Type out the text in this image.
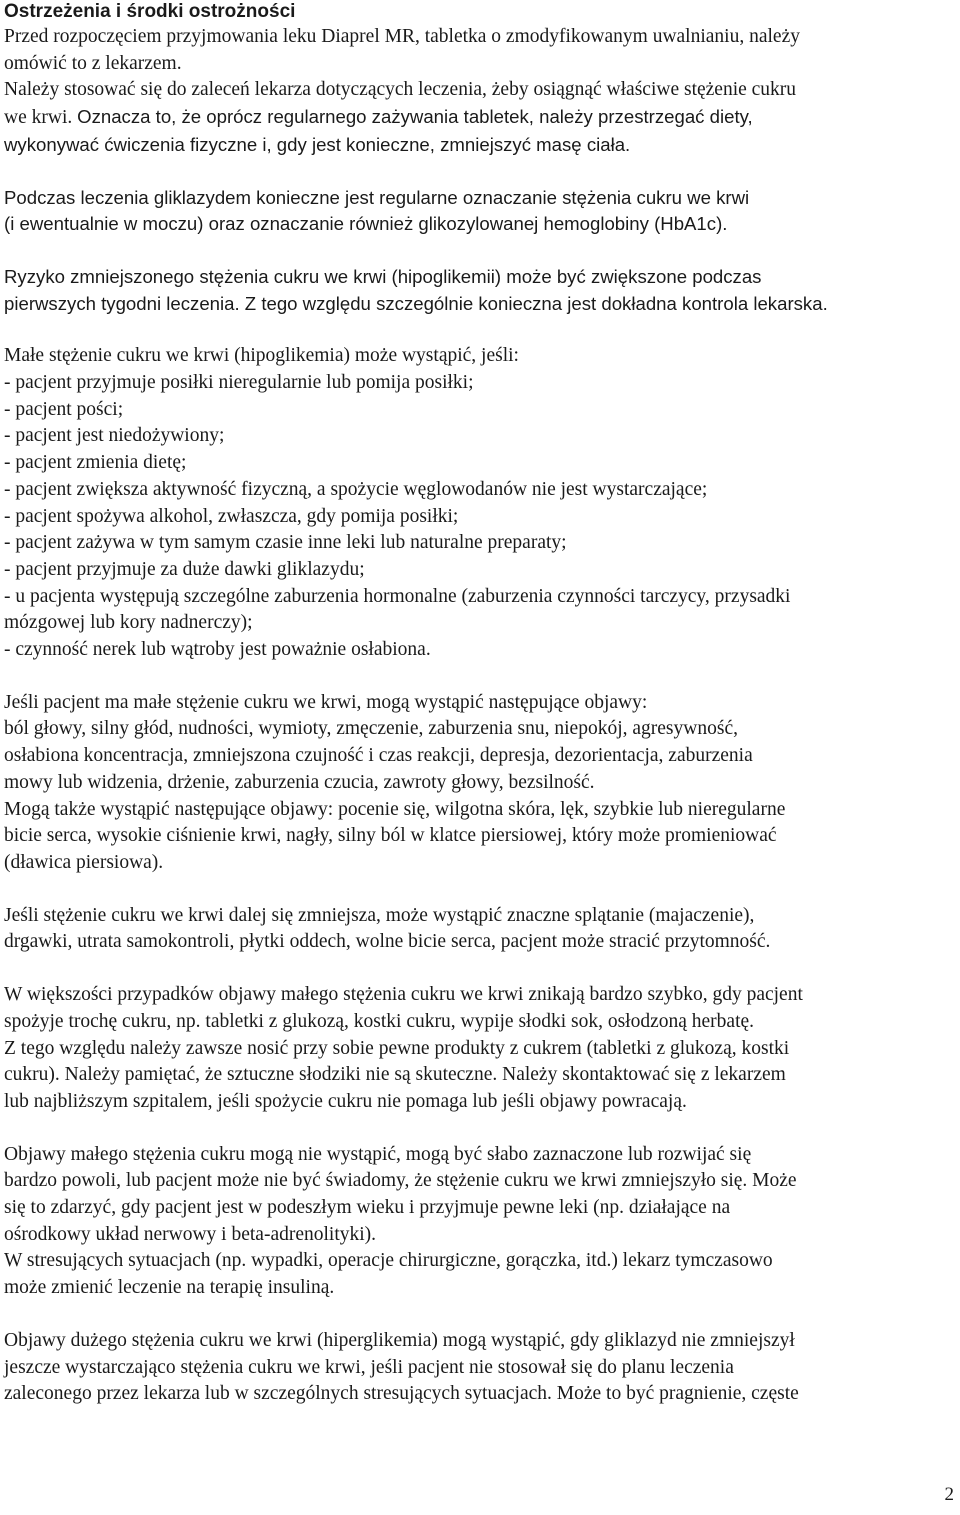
Ostrzeżenia i środki ostrożności
Przed rozpoczęciem przyjmowania leku Diaprel MR, tabletka o zmodyfikowanym uwalnianiu, należy
omówić to z lekarzem.
Należy stosować się do zaleceń lekarza dotyczących leczenia, żeby osiągnąć właściwe stężenie cukru
we krwi. Oznacza to, że oprócz regularnego zażywania tabletek, należy przestrzegać diety,
wykonywać ćwiczenia fizyczne i, gdy jest konieczne, zmniejszyć masę ciała.
Podczas leczenia gliklazydem konieczne jest regularne oznaczanie stężenia cukru we krwi
(i ewentualnie w moczu) oraz oznaczanie również glikozylowanej hemoglobiny (HbA1c).
Ryzyko zmniejszonego stężenia cukru we krwi (hipoglikemii) może być zwiększone podczas
pierwszych tygodni leczenia. Z tego względu szczególnie konieczna jest dokładna kontrola lekarska.
Małe stężenie cukru we krwi (hipoglikemia) może wystąpić, jeśli:
- pacjent przyjmuje posiłki nieregularnie lub pomija posiłki;
- pacjent pości;
- pacjent jest niedożywiony;
- pacjent zmienia dietę;
- pacjent zwiększa aktywność fizyczną, a spożycie węglowodanów nie jest wystarczające;
- pacjent spożywa alkohol, zwłaszcza, gdy pomija posiłki;
- pacjent zażywa w tym samym czasie inne leki lub naturalne preparaty;
- pacjent przyjmuje za duże dawki gliklazydu;
- u pacjenta występują szczególne zaburzenia hormonalne (zaburzenia czynności tarczycy, przysadki
mózgowej lub kory nadnerczy);
- czynność nerek lub wątroby jest poważnie osłabiona.
Jeśli pacjent ma małe stężenie cukru we krwi, mogą wystąpić następujące objawy:
ból głowy, silny głód, nudności, wymioty, zmęczenie, zaburzenia snu, niepokój, agresywność,
osłabiona koncentracja, zmniejszona czujność i czas reakcji, depresja, dezorientacja, zaburzenia
mowy lub widzenia, drżenie, zaburzenia czucia, zawroty głowy, bezsilność.
Mogą także wystąpić następujące objawy: pocenie się, wilgotna skóra, lęk, szybkie lub nieregularne
bicie serca, wysokie ciśnienie krwi, nagły, silny ból w klatce piersiowej, który może promieniować
(dławica piersiowa).
Jeśli stężenie cukru we krwi dalej się zmniejsza, może wystąpić znaczne splątanie (majaczenie),
drgawki, utrata samokontroli, płytki oddech, wolne bicie serca, pacjent może stracić przytomność.
W większości przypadków objawy małego stężenia cukru we krwi znikają bardzo szybko, gdy pacjent
spożyje trochę cukru, np. tabletki z glukozą, kostki cukru, wypije słodki sok, osłodzoną herbatę.
Z tego względu należy zawsze nosić przy sobie pewne produkty z cukrem (tabletki z glukozą, kostki
cukru). Należy pamiętać, że sztuczne słodziki nie są skuteczne. Należy skontaktować się z lekarzem
lub najbliższym szpitalem, jeśli spożycie cukru nie pomaga lub jeśli objawy powracają.
Objawy małego stężenia cukru mogą nie wystąpić, mogą być słabo zaznaczone lub rozwijać się
bardzo powoli, lub pacjent może nie być świadomy, że stężenie cukru we krwi zmniejszyło się. Może
się to zdarzyć, gdy pacjent jest w podeszłym wieku i przyjmuje pewne leki (np. działające na
ośrodkowy układ nerwowy i beta-adrenolityki).
W stresujących sytuacjach (np. wypadki, operacje chirurgiczne, gorączka, itd.) lekarz tymczasowo
może zmienić leczenie na terapię insuliną.
Objawy dużego stężenia cukru we krwi (hiperglikemia) mogą wystąpić, gdy gliklazyd nie zmniejszył
jeszcze wystarczająco stężenia cukru we krwi, jeśli pacjent nie stosował się do planu leczenia
zaleconego przez lekarza lub w szczególnych stresujących sytuacjach. Może to być pragnienie, częste
2
